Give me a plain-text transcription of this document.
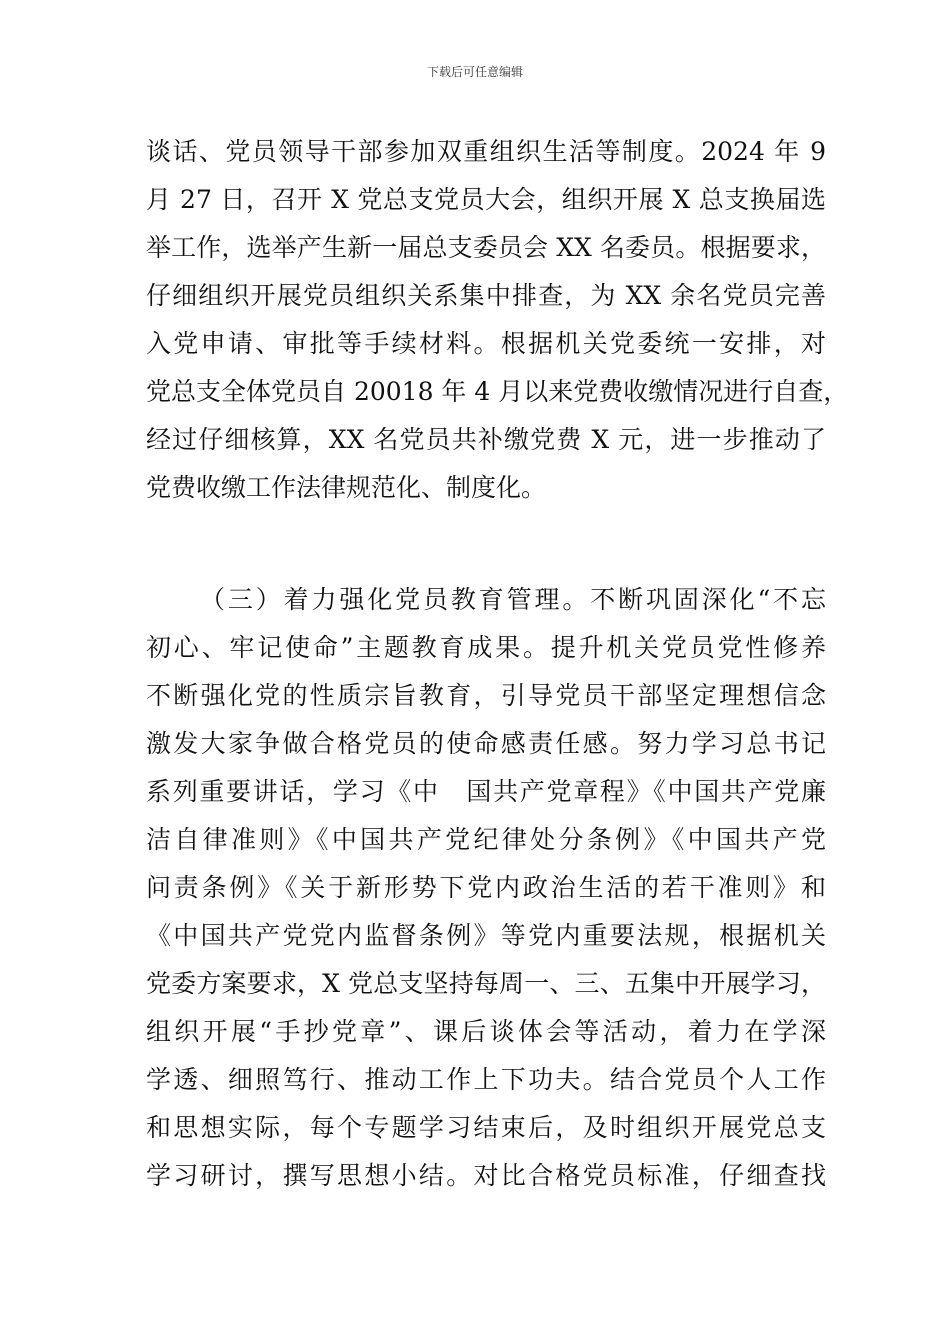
下载后可任意编辑
谈话、党员领导干部参加双重组织生活等制度。2024 年 9
月 27 日，召开 X 党总支党员大会，组织开展 X 总支换届选
举工作，选举产生新一届总支委员会 XX 名委员。根据要求，
仔细组织开展党员组织关系集中排查，为 XX 余名党员完善
入党申请、审批等手续材料。根据机关党委统一安排，对
党总支全体党员自 20018 年 4 月以来党费收缴情况进行自查，
经过仔细核算，XX 名党员共补缴党费 X 元，进一步推动了
党费收缴工作法律规范化、制度化。
（三）着力强化党员教育管理。不断巩固深化“不忘
初心、牢记使命”主题教育成果。提升机关党员党性修养
不断强化党的性质宗旨教育，引导党员干部坚定理想信念
激发大家争做合格党员的使命感责任感。努力学习总书记
系列重要讲话，学习《中　国共产党章程》《中国共产党廉
洁自律准则》《中国共产党纪律处分条例》《中国共产党
问责条例》《关于新形势下党内政治生活的若干准则》和
《中国共产党党内监督条例》等党内重要法规，根据机关
党委方案要求，X 党总支坚持每周一、三、五集中开展学习，
组织开展“手抄党章”、课后谈体会等活动，着力在学深
学透、细照笃行、推动工作上下功夫。结合党员个人工作
和思想实际，每个专题学习结束后，及时组织开展党总支
学习研讨，撰写思想小结。对比合格党员标准，仔细查找
